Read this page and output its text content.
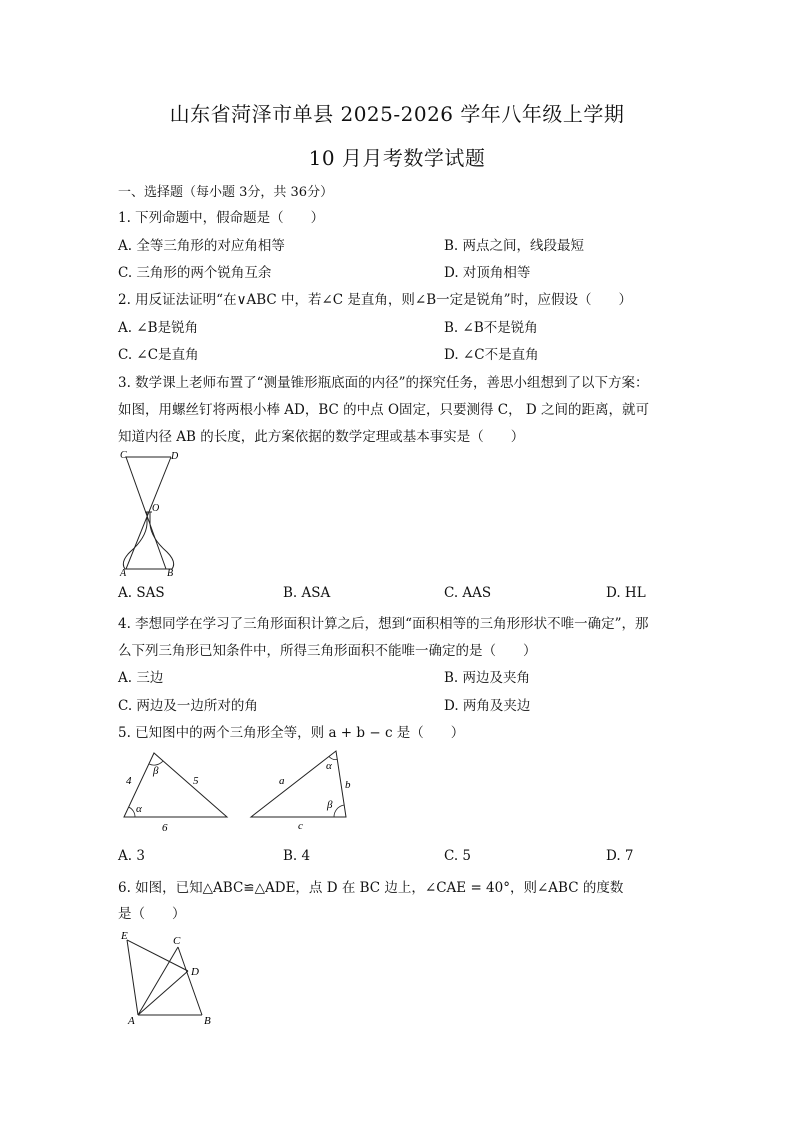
山东省菏泽市单县 2025-2026 学年八年级上学期
10 月月考数学试题
一、选择题（每小题 3分，共 36分）
1. 下列命题中，假命题是（　　）
A. 全等三角形的对应角相等	B. 两点之间，线段最短
C. 三角形的两个锐角互余	D. 对顶角相等
2. 用反证法证明“在∨ABC 中，若∠C 是直角，则∠B一定是锐角”时，应假设（　　）
A. ∠B是锐角	B. ∠B不是锐角
C. ∠C是直角	D. ∠C不是直角
3. 数学课上老师布置了“测量锥形瓶底面的内径”的探究任务，善思小组想到了以下方案：
如图，用螺丝钉将两根小棒 AD，BC 的中点 O固定，只要测得 C， D 之间的距离，就可
知道内径 AB 的长度，此方案依据的数学定理或基本事实是（　　）
C	D
O
A	B
A. SAS	B. ASA	C. AAS	D. HL
4. 李想同学在学习了三角形面积计算之后，想到“面积相等的三角形形状不唯一确定”，那
么下列三角形已知条件中，所得三角形面积不能唯一确定的是（　　）
A. 三边	B. 两边及夹角
C. 两边及一边所对的角	D. 两角及夹边
5. 已知图中的两个三角形全等，则 a + b − c 是（　　）
4	5
6
β
α
a	b
c
α
β
A. 3	B. 4	C. 5	D. 7
6. 如图，已知△ABC≌△ADE，点 D 在 BC 边上，∠CAE = 40°，则∠ABC 的度数
是（　　）
E	C
D
A	B
